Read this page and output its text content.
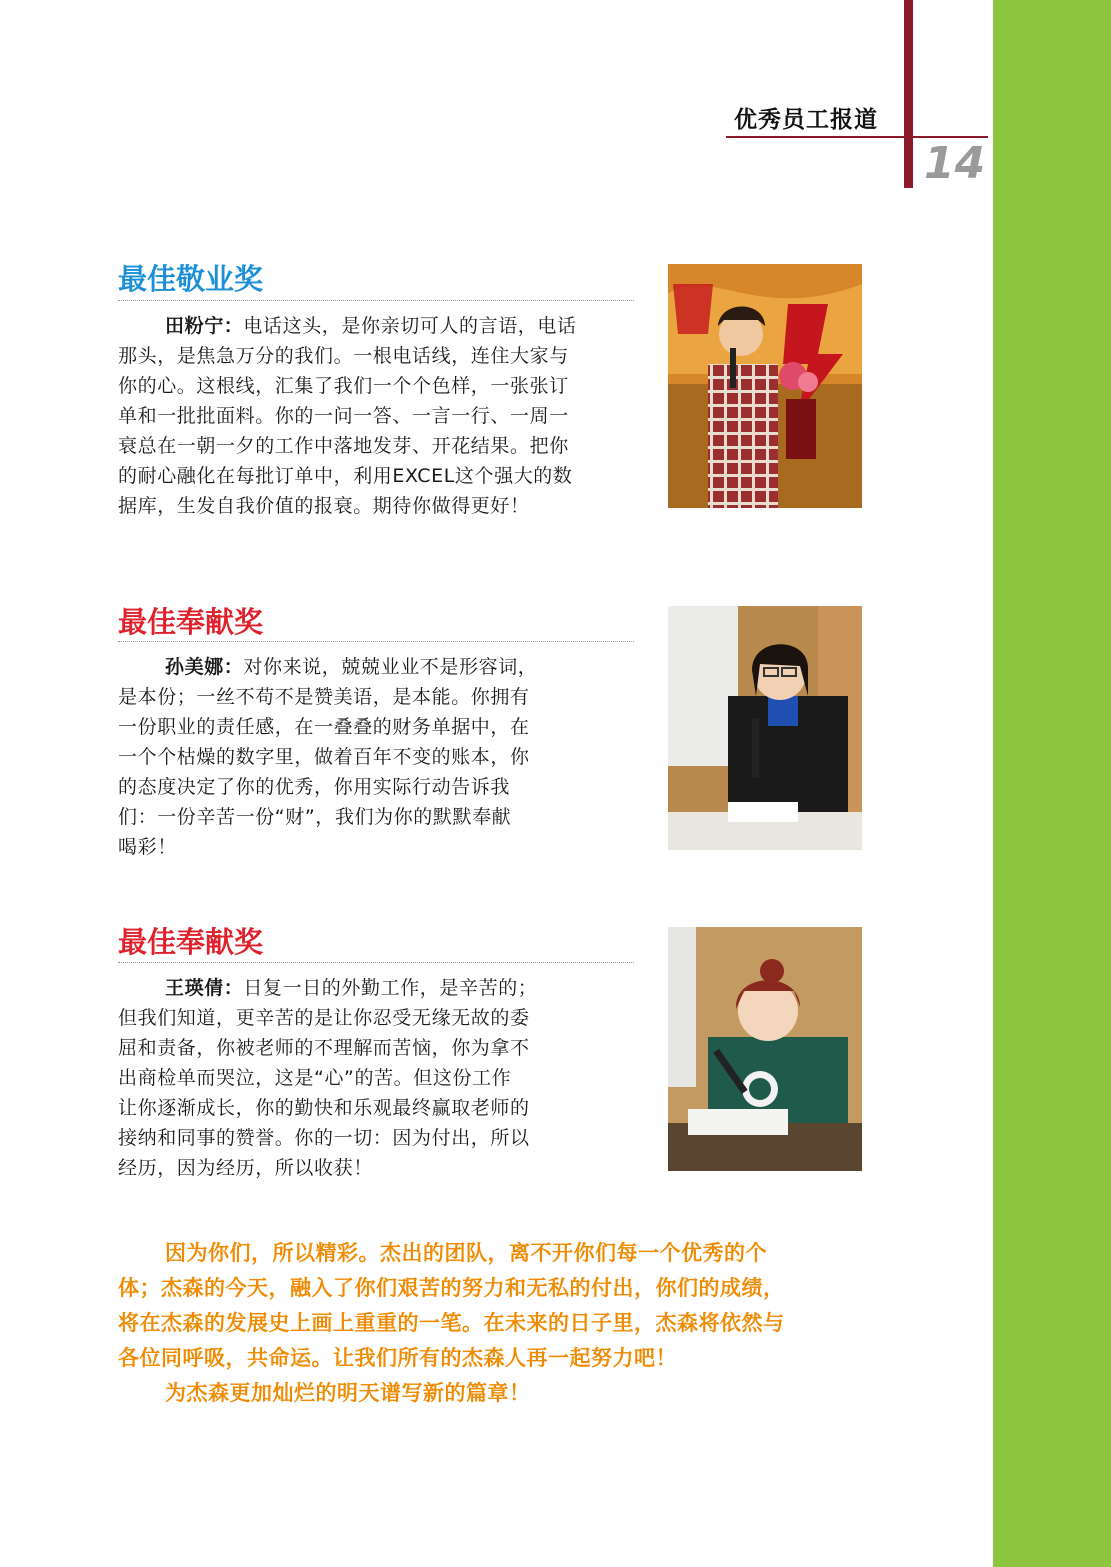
优秀员工报道
14
最佳敬业奖
田粉宁：电话这头，是你亲切可人的言语，电话
那头，是焦急万分的我们。一根电话线，连住大家与
你的心。这根线，汇集了我们一个个色样，一张张订
单和一批批面料。你的一问一答、一言一行、一周一
衰总在一朝一夕的工作中落地发芽、开花结果。把你
的耐心融化在每批订单中，利用EXCEL这个强大的数
据库，生发自我价值的报衰。期待你做得更好！
最佳奉献奖
孙美娜：对你来说，兢兢业业不是形容词，
是本份；一丝不苟不是赞美语，是本能。你拥有
一份职业的责任感，在一叠叠的财务单据中，在
一个个枯燥的数字里，做着百年不变的账本，你
的态度决定了你的优秀，你用实际行动告诉我
们：一份辛苦一份“财”，我们为你的默默奉献
喝彩！
最佳奉献奖
王瑛倩：日复一日的外勤工作，是辛苦的；
但我们知道，更辛苦的是让你忍受无缘无故的委
屈和责备，你被老师的不理解而苦恼，你为拿不
出商检单而哭泣，这是“心”的苦。但这份工作
让你逐渐成长，你的勤快和乐观最终赢取老师的
接纳和同事的赞誉。你的一切：因为付出，所以
经历，因为经历，所以收获！
因为你们，所以精彩。杰出的团队，离不开你们每一个优秀的个
体；杰森的今天，融入了你们艰苦的努力和无私的付出，你们的成绩，
将在杰森的发展史上画上重重的一笔。在未来的日子里，杰森将依然与
各位同呼吸，共命运。让我们所有的杰森人再一起努力吧！
为杰森更加灿烂的明天谱写新的篇章！
